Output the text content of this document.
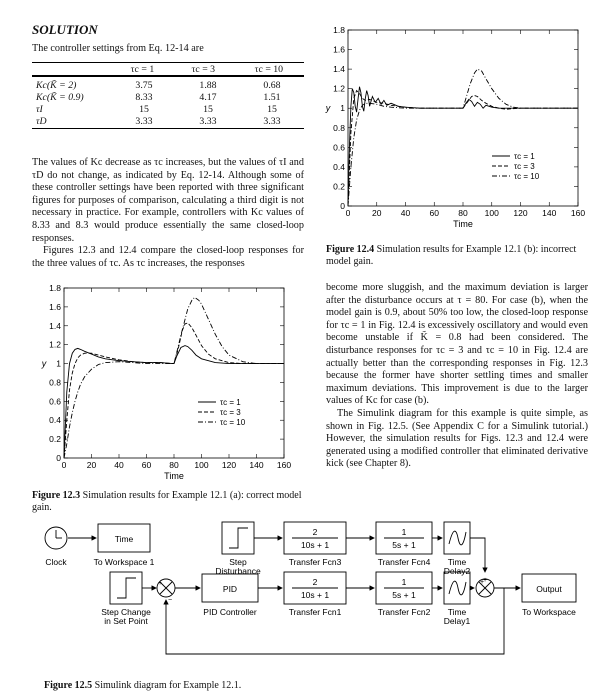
SOLUTION
The controller settings from Eq. 12-14 are
	τc = 1	τc = 3	τc = 10
Kc(K̃ = 2)	3.75	1.88	0.68
Kc(K̃ = 0.9)	8.33	4.17	1.51
τI	15	15	15
τD	3.33	3.33	3.33

The values of Kc decrease as τc increases, but the values of τI and τD do not change, as indicated by Eq. 12-14. Although some of these controller settings have been reported with three significant figures for purposes of comparison, calculating a third digit is not necessary in practice. For example, controllers with Kc values of 8.33 and 8.3 would produce essentially the same closed-loop responses.

Figures 12.3 and 12.4 compare the closed-loop responses for the three values of τc. As τc increases, the responses

0
0.2
0.4
0.6
0.8
1
1.2
1.4
1.6
1.8
0 20 40 60 80 100 120 140 160
Time
y
τc = 1
τc = 3
τc = 10
Figure 12.3 Simulation results for Example 12.1 (a): correct model gain.
0
0.2
0.4
0.6
0.8
1
1.2
1.4
1.6
1.8
0	20 40 60 80 100 120 140 160
Time
y
τc = 1
τc = 3
τc = 10
Figure 12.4 Simulation results for Example 12.1 (b): incorrect model gain.

become more sluggish, and the maximum deviation is larger after the disturbance occurs at τ = 80. For case (b), when the model gain is 0.9, about 50% too low, the closed-loop response for τc = 1 in Fig. 12.4 is excessively oscillatory and would even become unstable if K̃ = 0.8 had been considered. The disturbance responses for τc = 3 and τc = 10 in Fig. 12.4 are actually better than the corresponding responses in Fig. 12.3 because the former have shorter settling times and smaller maximum deviations. This improvement is due to the larger values of Kc for case (b).

The Simulink diagram for this example is quite simple, as shown in Fig. 12.5. (See Appendix C for a Simulink tutorial.) However, the simulation results for Figs. 12.3 and 12.4 were generated using a modified controller that eliminated derivative kick (see Chapter 8).

Clock
Time
To Workspace 1	Step
Disturbance
2
10s + 1
Transfer Fcn3
1
5s + 1
Transfer Fcn4 Time
Delay2
Step Change
in Set Point
PID
PID Controller
2
10s + 1
Transfer Fcn1
1
5s + 1
Transfer Fcn2 Time
Delay1
Output
To Workspace
+
−
+
+
Figure 12.5 Simulink diagram for Example 12.1.
